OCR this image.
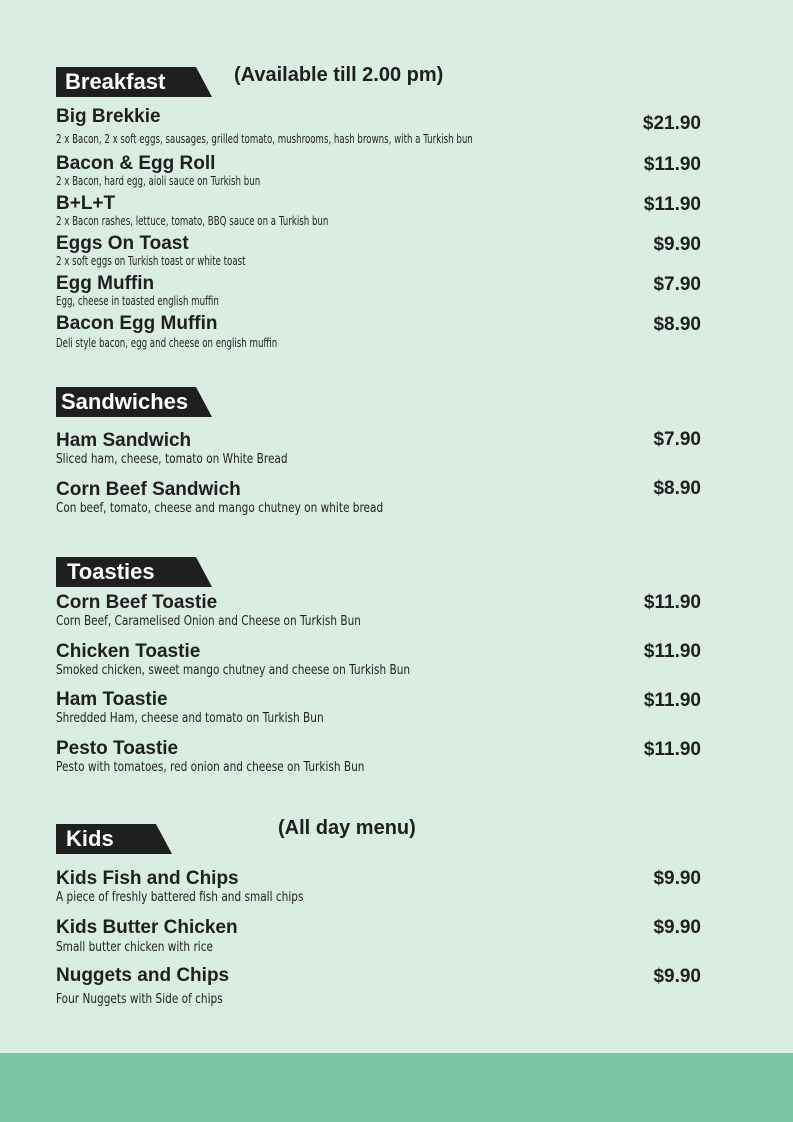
Breakfast	(Available till 2.00 pm)
Big Brekkie
2 x Bacon, 2 x soft eggs, sausages, grilled tomato, mushrooms, hash browns, with a Turkish bun
$21.90
Bacon & Egg Roll
2 x Bacon, hard egg, aioli sauce on Turkish bun
$11.90
B+L+T
2 x Bacon rashes, lettuce, tomato, BBQ sauce on a Turkish bun
$11.90
Eggs On Toast
2 x soft eggs on Turkish toast or white toast
$9.90
Egg Muffin
Egg, cheese in toasted english muffin
$7.90
Bacon Egg Muffin
Deli style bacon, egg and cheese on english muffin
$8.90
Sandwiches
Ham Sandwich
Sliced ham, cheese, tomato on White Bread
$7.90
Corn Beef Sandwich
Con beef, tomato, cheese and mango chutney on white bread
$8.90
Toasties
Corn Beef Toastie
Corn Beef, Caramelised Onion and Cheese on Turkish Bun
$11.90
Chicken Toastie
Smoked chicken, sweet mango chutney and cheese on Turkish Bun
$11.90
Ham Toastie
Shredded Ham, cheese and tomato on Turkish Bun
$11.90
Pesto Toastie
Pesto with tomatoes, red onion and cheese on Turkish Bun
$11.90
Kids	(All day menu)
Kids Fish and Chips
A piece of freshly battered fish and small chips
$9.90
Kids Butter Chicken
Small butter chicken with rice
$9.90
Nuggets and Chips
Four Nuggets with Side of chips
$9.90
